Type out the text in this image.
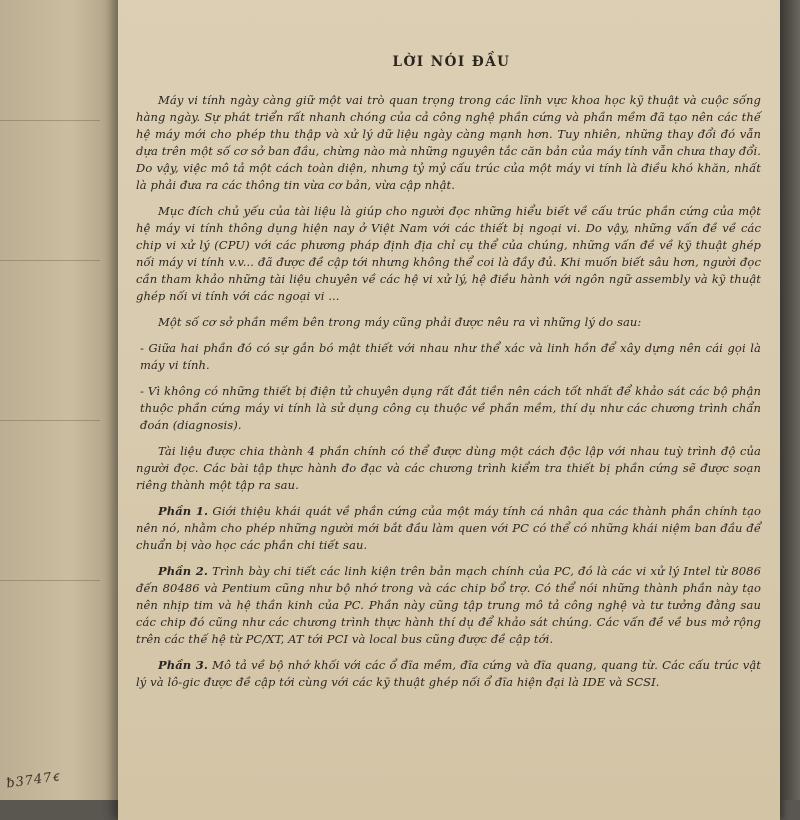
ƀ3747ꞓ
LỜI NÓI ĐẦU

Máy vi tính ngày càng giữ một vai trò quan trọng trong các lĩnh vực khoa học kỹ thuật và cuộc sống hàng ngày. Sự phát triển rất nhanh chóng của cả công nghệ phần cứng và phần mềm đã tạo nên các thế hệ máy mới cho phép thu thập và xử lý dữ liệu ngày càng mạnh hơn. Tuy nhiên, những thay đổi đó vẫn dựa trên một số cơ sở ban đầu, chừng nào mà những nguyên tắc căn bản của máy tính vẫn chưa thay đổi. Do vậy, việc mô tả một cách toàn diện, nhưng tỷ mỷ cấu trúc của một máy vi tính là điều khó khăn, nhất là phải đưa ra các thông tin vừa cơ bản, vừa cập nhật.

Mục đích chủ yếu của tài liệu là giúp cho người đọc những hiểu biết về cấu trúc phần cứng của một hệ máy vi tính thông dụng hiện nay ở Việt Nam với các thiết bị ngoại vi. Do vậy, những vấn đề về các chip vi xử lý (CPU) với các phương pháp định địa chỉ cụ thể của chúng, những vấn đề về kỹ thuật ghép nối máy vi tính v.v... đã được đề cập tới nhưng không thể coi là đầy đủ. Khi muốn biết sâu hơn, người đọc cần tham khảo những tài liệu chuyên về các hệ vi xử lý, hệ điều hành với ngôn ngữ assembly và kỹ thuật ghép nối vi tính với các ngoại vi ...

Một số cơ sở phần mềm bên trong máy cũng phải được nêu ra vì những lý do sau:

- Giữa hai phần đó có sự gắn bó mật thiết với nhau như thể xác và linh hồn để xây dựng nên cái gọi là máy vi tính.

- Vì không có những thiết bị điện tử chuyên dụng rất đắt tiền nên cách tốt nhất để khảo sát các bộ phận thuộc phần cứng máy vi tính là sử dụng công cụ thuộc về phần mềm, thí dụ như các chương trình chẩn đoán (diagnosis).

Tài liệu được chia thành 4 phần chính có thể được dùng một cách độc lập với nhau tuỳ trình độ của người đọc. Các bài tập thực hành đo đạc và các chương trình kiểm tra thiết bị phần cứng sẽ được soạn riêng thành một tập ra sau.

Phần 1. Giới thiệu khái quát về phần cứng của một máy tính cá nhân qua các thành phần chính tạo nên nó, nhằm cho phép những người mới bắt đầu làm quen với PC có thể có những khái niệm ban đầu để chuẩn bị vào học các phần chi tiết sau.

Phần 2. Trình bày chi tiết các linh kiện trên bản mạch chính của PC, đó là các vi xử lý Intel từ 8086 đến 80486 và Pentium cũng như bộ nhớ trong và các chip bổ trợ. Có thể nói những thành phần này tạo nên nhịp tim và hệ thần kinh của PC. Phần này cũng tập trung mô tả công nghệ và tư tưởng đằng sau các chip đó cũng như các chương trình thực hành thí dụ để khảo sát chúng. Các vấn đề về bus mở rộng trên các thế hệ từ PC/XT, AT tới PCI và local bus cũng được đề cập tới.

Phần 3. Mô tả về bộ nhớ khối với các ổ đĩa mềm, đĩa cứng và đĩa quang, quang từ. Các cấu trúc vật lý và lô-gic được đề cập tới cùng với các kỹ thuật ghép nối ổ đĩa hiện đại là IDE và SCSI.
